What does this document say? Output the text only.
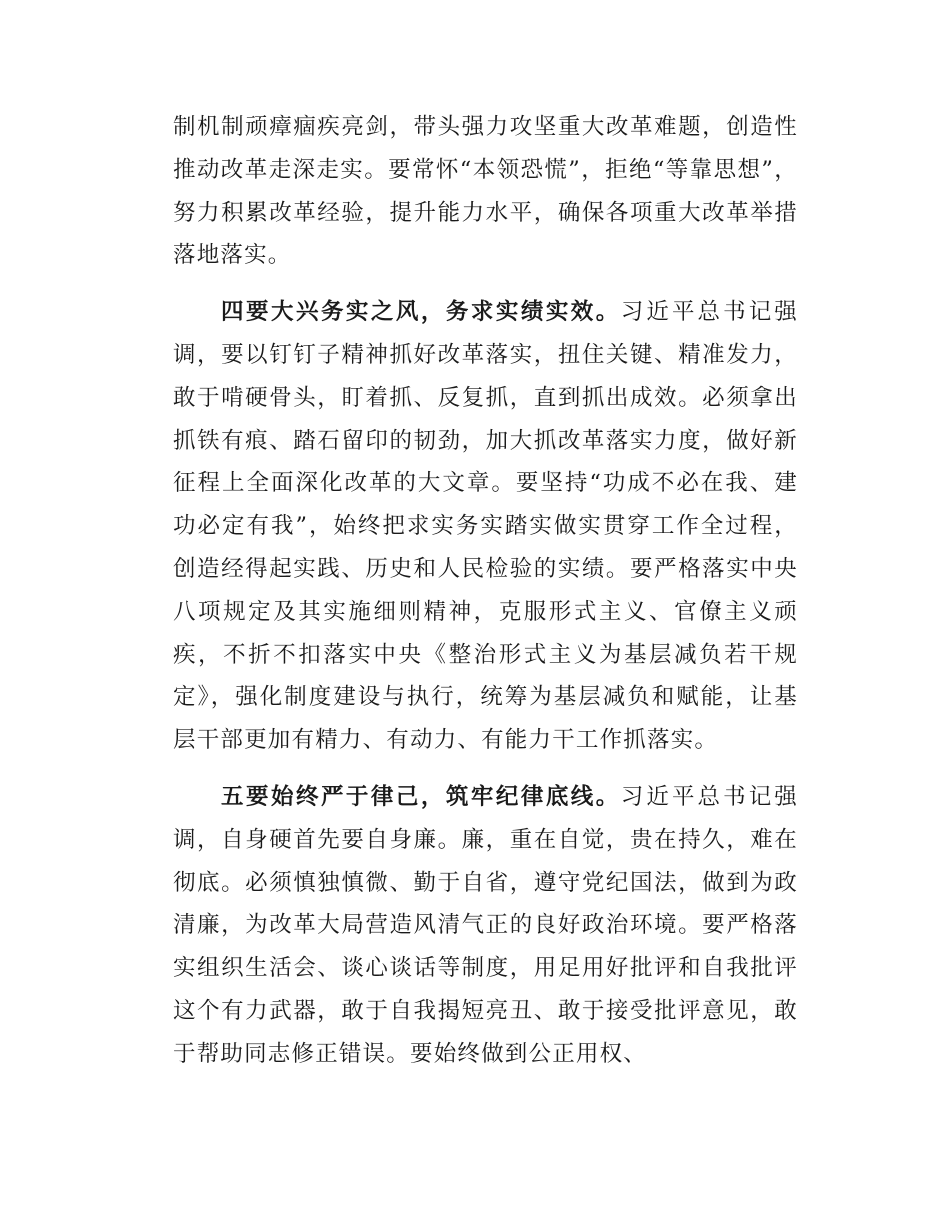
制机制顽瘴痼疾亮剑，带头强力攻坚重大改革难题，创造性推动改革走深走实。要常怀“本领恐慌”，拒绝“等靠思想”，努力积累改革经验，提升能力水平，确保各项重大改革举措落地落实。

四要大兴务实之风，务求实绩实效。习近平总书记强调，要以钉钉子精神抓好改革落实，扭住关键、精准发力，敢于啃硬骨头，盯着抓、反复抓，直到抓出成效。必须拿出抓铁有痕、踏石留印的韧劲，加大抓改革落实力度，做好新征程上全面深化改革的大文章。要坚持“功成不必在我、建功必定有我”，始终把求实务实踏实做实贯穿工作全过程，创造经得起实践、历史和人民检验的实绩。要严格落实中央八项规定及其实施细则精神，克服形式主义、官僚主义顽疾，不折不扣落实中央《整治形式主义为基层减负若干规定》，强化制度建设与执行，统筹为基层减负和赋能，让基层干部更加有精力、有动力、有能力干工作抓落实。

五要始终严于律己，筑牢纪律底线。习近平总书记强调，自身硬首先要自身廉。廉，重在自觉，贵在持久，难在彻底。必须慎独慎微、勤于自省，遵守党纪国法，做到为政清廉，为改革大局营造风清气正的良好政治环境。要严格落实组织生活会、谈心谈话等制度，用足用好批评和自我批评这个有力武器，敢于自我揭短亮丑、敢于接受批评意见，敢于帮助同志修正错误。要始终做到公正用权、
